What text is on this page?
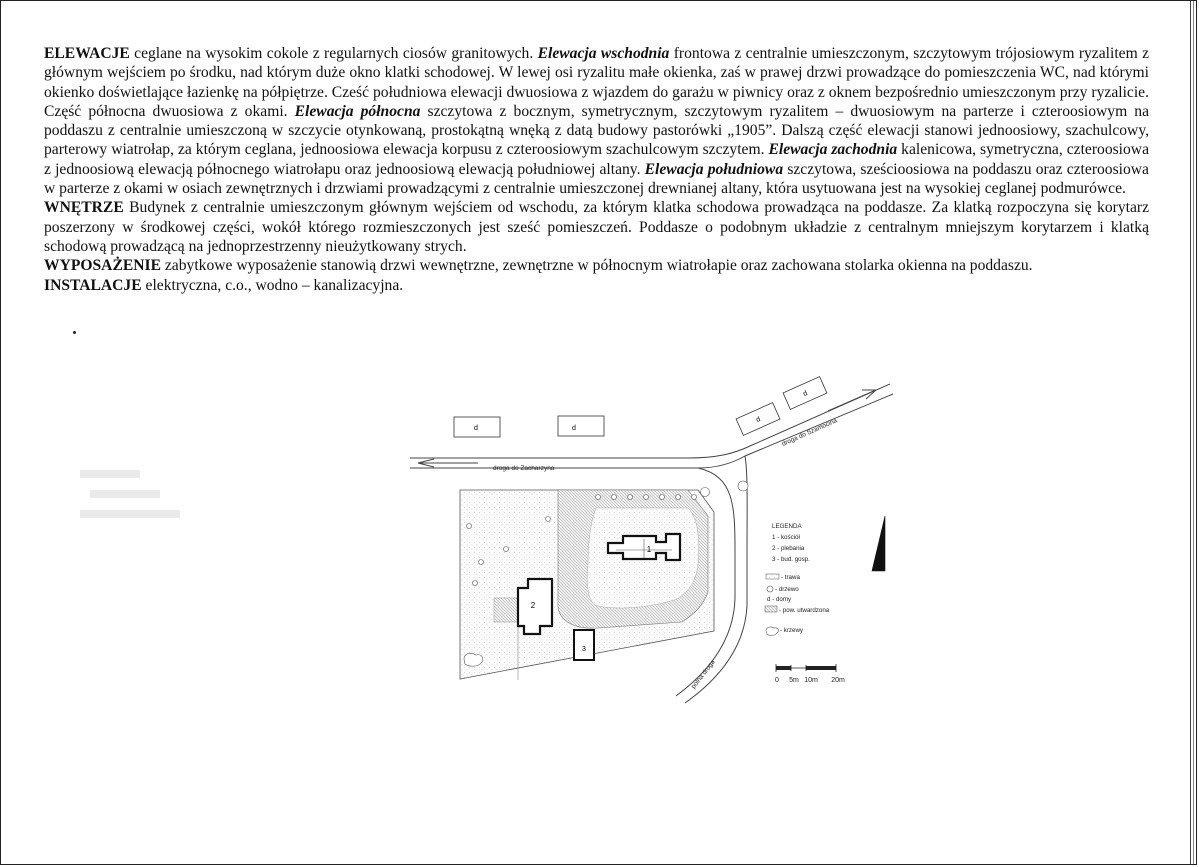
ELEWACJE ceglane na wysokim cokole z regularnych ciosów granitowych. Elewacja wschodnia frontowa z centralnie umieszczonym, szczytowym trójosiowym ryzalitem z głównym wejściem po środku, nad którym duże okno klatki schodowej. W lewej osi ryzalitu małe okienka, zaś w prawej drzwi prowadzące do pomieszczenia WC, nad którymi okienko doświetlające łazienkę na półpiętrze. Cześć południowa elewacji dwuosiowa z wjazdem do garażu w piwnicy oraz z oknem bezpośrednio umieszczonym przy ryzalicie. Część północna dwuosiowa z okami. Elewacja północna szczytowa z bocznym, symetrycznym, szczytowym ryzalitem – dwuosiowym na parterze i czteroosiowym na poddaszu z centralnie umieszczoną w szczycie otynkowaną, prostokątną wnęką z datą budowy pastorówki „1905”. Dalszą część elewacji stanowi jednoosiowy, szachulcowy, parterowy wiatrołap, za którym ceglana, jednoosiowa elewacja korpusu z czteroosiowym szachulcowym szczytem. Elewacja zachodnia kalenicowa, symetryczna, czteroosiowa z jednoosiową elewacją północnego wiatrołapu oraz jednoosiową elewacją południowej altany. Elewacja południowa szczytowa, sześcioosiowa na poddaszu oraz czteroosiowa w parterze z okami w osiach zewnętrznych i drzwiami prowadzącymi z centralnie umieszczonej drewnianej altany, która usytuowana jest na wysokiej ceglanej podmurówce.

WNĘTRZE Budynek z centralnie umieszczonym głównym wejściem od wschodu, za którym klatka schodowa prowadząca na poddasze. Za klatką rozpoczyna się korytarz poszerzony w środkowej części, wokół którego rozmieszczonych jest sześć pomieszczeń. Poddasze o podobnym układzie z centralnym mniejszym korytarzem i klatką schodową prowadzącą na jednoprzestrzenny nieużytkowany strych.

WYPOSAŻENIE zabytkowe wyposażenie stanowią drzwi wewnętrzne, zewnętrzne w północnym wiatrołapie oraz zachowana stolarka okienna na poddaszu.

INSTALACJE elektryczna, c.o., wodno – kanalizacyjna.

droga do Zacharzyna
droga do Szamocina
polna droga
d	d
d
d
1
2
3
LEGENDA
1 - kościół
2 - plebania
3 - bud. gosp.
- trawa
- drzewo
d - domy
- pow. utwardzona
- krzewy
0 5m 10m 20m
